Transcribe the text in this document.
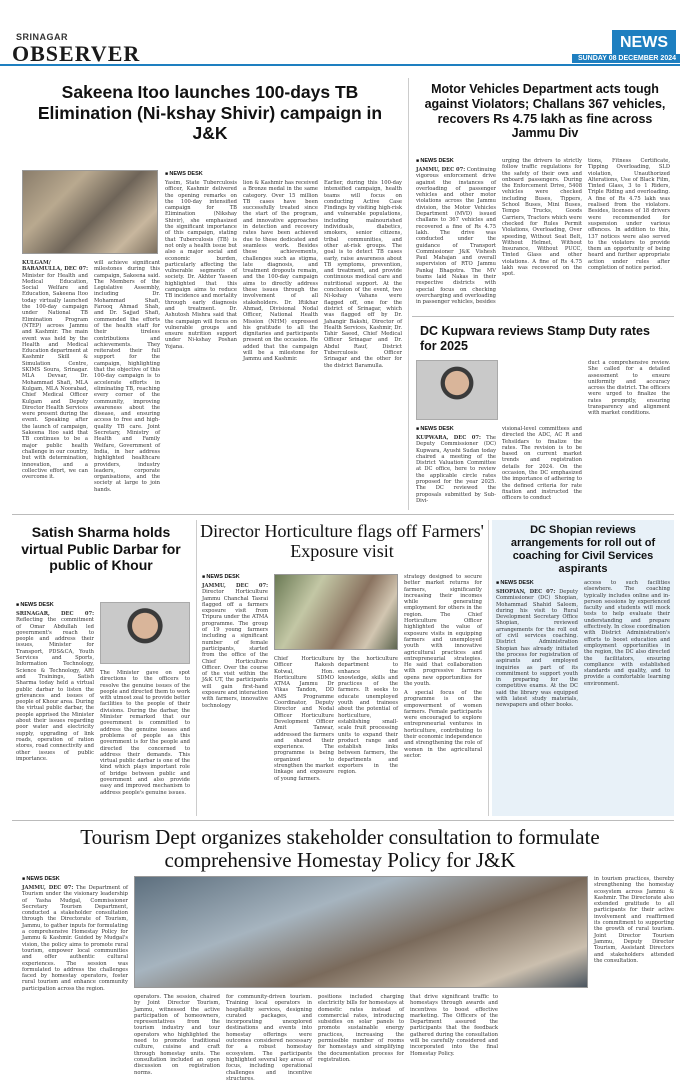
SRINAGAR
OBSERVER	NEWS
SUNDAY 08 DECEMBER 2024
Sakeena Itoo launches 100-days TB Elimination (Ni-kshay Shivir) campaign in J&K
KULGAM/ BARAMULLA, DEC 07: Minister for Health and Medical Education, Social Welfare and Education, Sakeena Itoo today virtually launched the 100-day campaign under National TB Elimination Program (NTEP) across Jammu and Kashmir. The main event was held by the Health and Medical Education department at Kashmir Skill & Simulation Centre, SKIMS Soura, Srinagar. MLA Devsar, Dr. Mohammad Shafi, MLA Kulgam, MLA Noorabad, Chief Medical Officer Kulgam and Deputy Director Health Services were present during the event. Speaking after the launch of campaign, Sakeena Itoo said that TB continues to be a major public health challenge in our country, but with determination, innovation, and a collective effort, we can overcome it.
will achieve significant milestones during this campaign, Sakeena said. The Members of the Legislative Assembly, including Dr. Mohammad Shafi, Farooq Ahmad Shah, and Dr. Sajjad Shafi, commended the efforts of the health staff for their tireless contributions and achievements. They reiterated their full support for the campaign, highlighting that the objective of this 100-day campaign is to accelerate efforts in eliminating TB, reaching every corner of the community, improving awareness about the disease, and ensuring access to free and high-quality TB care. Joint Secretary, Ministry of Health and Family Welfare, Government of India, in her address highlighted healthcare providers, industry leaders, corporate organisations, and the society at large to join hands.
■ NEWS DESK
Yasim, State Tuberculosis officer, Kashmir delivered the opening remarks on the 100-day intensified campaign for TB Elimination (Nikshay Shivir), she emphasized the significant importance of this campaign, stating that Tuberculosis (TB) is not only a health issue but also a major social and economic burden, particularly affecting the vulnerable segments of society. Dr. Akhter Yaseen highlighted that this campaign aims to reduce TB incidence and mortality through early diagnosis and treatment. Dr. Ashutosh Mishra said that the campaign will focus on vulnerable groups and ensure nutrition support under Ni-kshay Poshan Yojana.
lion & Kashmir has received a Bronze medal in the same category. Over 15 million TB cases have been successfully treated since the start of the program, and innovative approaches in detection and recovery rates have been achieved due to these dedicated and seamless work. Besides these achievements, challenges such as stigma, late diagnosis, and treatment dropouts remain, and the 100-day campaign aims to directly address these issues through the involvement of all stakeholders. Dr. Iftikhar Ahmad, Divisional Nodal Officer, National Health Mission (NHM) expressed his gratitude to all the dignitaries and participants present on the occasion. He added that the campaign will be a milestone for Jammu and Kashmir.
Earlier, during this 100-day intensified campaign, health teams will focus on conducting Active Case Findings by visiting high-risk and vulnerable populations, including malnourished individuals, diabetics, smokers, senior citizens, tribal communities, and other at-risk groups. The goal is to detect TB cases early, raise awareness about TB symptoms, prevention, and treatment, and provide continuous medical care and nutritional support. At the conclusion of the event, two Ni-kshay Vahans were flagged off, one for the district of Srinagar, which was flagged off by Dr. Jahangir Bakshi, Director of Health Services, Kashmir, Dr. Tahir Saeed, Chief Medical Officer Srinagar and Dr. Abdul Rauf, District Tuberculosis Officer Srinagar and the other for the district Baramulla.
Motor Vehicles Department acts tough against Violators; Challans 367 vehicles, recovers Rs 4.75 lakh as fine across Jammu Div
■ NEWS DESK
JAMMU, DEC 07: Continuing vigorous enforcement drive against the instances of overloading of passenger vehicles and other motor violations across the Jammu division, the Motor Vehicles Department (MVD) issued challans to 367 vehicles and recovered a fine of Rs 4.75 lakh. The drive was conducted under the guidance of Transport Commissioner J&K Vishesh Paul Mahajan and overall supervision of RTO Jammu Pankaj Bhagotra. The MV teams laid Nakas in their respective districts with special focus on checking overcharging and overloading in passenger vehicles, besides
urging the drivers to strictly follow traffic regulations for the safety of their own and onboard passengers. During the Enforcement Drive, 5408 vehicles were checked including Buses, Tippers, School Buses, Mini Buses, Tempo Trucks, Goods Carriers, Tractors which were checked for Rules Permit Violations, Overloading, Over speeding, Without Seat Belt, Without Helmet, Without Insurance, Without PUCC, Tinted Glass and other violations. A fine of Rs 4.75 lakh was recovered on the spot.
tions, Fitness Certificate, Tipping Overloading, SLD violation, Unauthorized Alterations, Use of Black Film, Tinted Glass, 3 to 1 Riders, Triple Riding and overloading. A fine of Rs 4.75 lakh was realised from the violators. Besides, licenses of 18 drivers were recommended for suspension under various offences. In addition to this, 137 notices were also served to the violators to provide them an opportunity of being heard and further appropriate action under rules after completion of notice period.
DC Kupwara reviews Stamp Duty rates for 2025
■ NEWS DESK
KUPWARA, DEC 07: The Deputy Commissioner (DC) Kupwara, Ayushi Sudan today chaired a meeting of the District Valuation Committee at DC office, here to review the applicable circle rates proposed for the year 2025. The DC reviewed the proposals submitted by Sub-Divi-
visional-level committees and directed the ADC, AC R and Tehsildars to finalize the rates. The revision is to be based on current market trends and registration details for 2024. On the occasion, the DC emphasized the importance of adhering to the defined criteria for rate fixation and instructed the officers to conduct
duct a comprehensive review. She called for a detailed assessment to ensure uniformity and accuracy across the district. The officers were urged to finalize the rates promptly, ensuring transparency and alignment with market conditions.
Satish Sharma holds virtual Public Darbar for public of Khour
■ NEWS DESK
SRINAGAR, DEC 07: Reflecting the commitment of Omar Abdullah led government's reach to people and address their issues, Minister for Transport, PDS&CA, Youth Services and Sports, Information Technology, Science & Technology, ARI and Trainings, Satish Sharma today held a virtual public darbar to listen the grievances and issues of people of Khour area. During the virtual public darbar, the people apprised the Minister about their issues regarding poor water and electricity supply, upgrading of link roads, operation of ration stores, road connectivity and other issues of public importance.
The Minister gave on spot directions to the officers to resolve the genuine issues of the people and directed them to work with utmost zeal to provide better facilities to the people of their divisions. During the darbar, the Minister remarked that our government is committed to address the genuine issues and problems of people as this government is for the people and directed the concerned to address their demands. This virtual public darbar is one of the kind which plays important role of bridge between public and government and also provide easy and improved mechanism to address people's genuine issues.
Director Horticulture flags off Farmers' Exposure visit
■ NEWS DESK
JAMMU, DEC 07: Director Horticulture Jammu Chanchal Tasrai flagged off a farmers exposure visit from Tripura under the ATMA programme. The group of 19 young farmers including a significant number of female participants, started from the office of the Chief Horticulture Officer. Over the course of the visit within the J&K UT, the participants will gain first-hand exposure and interaction with farmers, innovative technology
Chief Horticulture Officer Rakesh Kotwal, Hon. Horticulture SDMO ATMA Jammu Dr Vikas Tandon, DD AMS Programme Coordinator, Deputy Director and Nodal Officer Horticulture Development Officer Amit Tanwar, addressed the farmers and shared their experience. The programme is being organized to strengthen the market linkage and exposure of young farmers.
by the horticulture department to enhance the knowledge, skills and practices of the farmers. It seeks to educate unemployed youth and trainees about the potential of horticulture, establishing small-scale fruit processing units to expand their product range and establish links between farmers, the departments and exporters in the region.
strategy designed to secure better market returns for farmers, significantly increasing their incomes while generating employment for others in the region. The Chief Horticulture Officer highlighted the value of exposure visits in equipping farmers and unemployed youth with innovative agricultural practices and entrepreneurial strategies. He said that collaboration with progressive farmers opens new opportunities for the youth.
A special focus of the programme is on the empowerment of women farmers. Female participants were encouraged to explore entrepreneurial ventures in horticulture, contributing to their economic independence and strengthening the role of women in the agricultural sector.
DC Shopian reviews arrangements for roll out of coaching for Civil Services aspirants
■ NEWS DESK
SHOPIAN, DEC 07: Deputy Commissioner (DC) Shopian, Mohammad Shahid Saleem, during his visit to Rural Development Secretary Office Shopian, reviewed arrangements for the roll out of civil services coaching. District Administration Shopian has already initiated the process for registration of aspirants and employed inquiries as part of its commitment to support youth in preparing for the competitive exams. At the DC said the library was equipped with latest study materials, newspapers and other books.
access to such facilities elsewhere. The coaching typically includes online and in-person sessions by experienced faculty and students will mock tests to help evaluate their understanding and prepare effectively. In close coordination with District Administration's efforts to boost education and employment opportunities in the region, the DC also directed the facilitators, ensuring compliance with established standards and quality, and to provide a comfortable learning environment.
Tourism Dept organizes stakeholder consultation to formulate comprehensive Homestay Policy for J&K
■ NEWS DESK
JAMMU, DEC 07: The Department of Tourism under the visionary leadership of Yasha Mudgal, Commissioner Secretary Tourism Department, conducted a stakeholder consultation through the Directorate of Tourism, Jammu, to gather inputs for formulating a comprehensive Homestay Policy for Jammu & Kashmir. Guided by Mudgal's vision, the policy aims to promote rural tourism, empower local communities and offer authentic cultural experiences. The session was formulated to address the challenges faced by homestay operators, foster rural tourism and enhance community participation across the region.
operators. The session, chaired by Joint Director Tourism, Jammu, witnessed the active participation of homeowners, representatives from the tourism industry and tour operators who highlighted the need to promote traditional culture, cuisine and craft through homestay units. The consultation included an open discussion on registration norms.
for community-driven tourism. Training local operators in hospitality services, designing curated packages, and incorporating unexplored destinations and events into homestay offerings were outcomes considered necessary for a robust homestay ecosystem. The participants highlighted several key areas of focus, including operational challenges and incentive structures.
positions included charging electricity bills for homestays at domestic rates instead of commercial rates, introducing subsidies on solar panels to promote sustainable energy practices, increasing the permissible number of rooms for homestays and simplifying the documentation process for registration.
that drive significant traffic to homestays through awards and incentives to boost effective marketing. The Officers of the Department assured the participants that the feedback gathered during the consultation will be carefully considered and incorporated into the final Homestay Policy.
in tourism practices, thereby strengthening the homestay ecosystem across Jammu & Kashmir. The Directorate also extended gratitude to all participants for their active involvement and reaffirmed its commitment to supporting the growth of rural tourism. Joint Director Tourism Jammu, Deputy Director Tourism, Assistant Directors and stakeholders attended the consultation.
